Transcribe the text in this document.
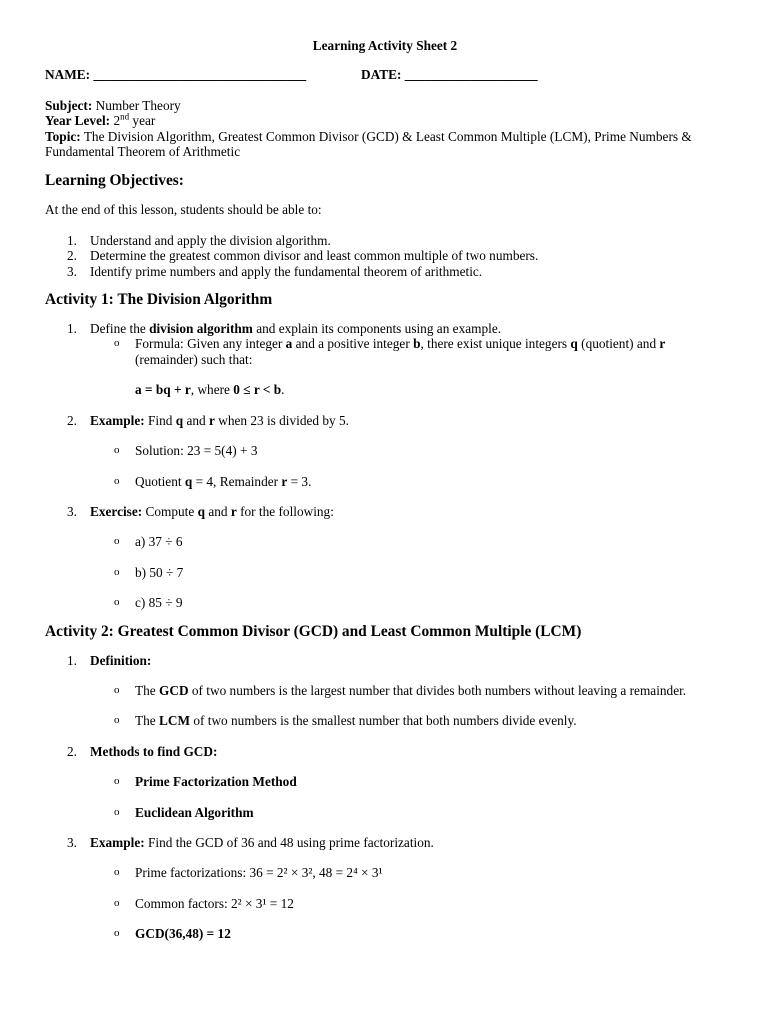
Learning Activity Sheet 2

NAME: ________________________________	DATE: ____________________
Subject: Number Theory
Year Level: 2nd year
Topic: The Division Algorithm, Greatest Common Divisor (GCD) & Least Common Multiple (LCM), Prime Numbers & Fundamental Theorem of Arithmetic
Learning Objectives:

At the end of this lesson, students should be able to:

1. Understand and apply the division algorithm.
2. Determine the greatest common divisor and least common multiple of two numbers.
3. Identify prime numbers and apply the fundamental theorem of arithmetic.
Activity 1: The Division Algorithm
1. Define the division algorithm and explain its components using an example.
o Formula: Given any integer a and a positive integer b, there exist unique integers q (quotient) and r (remainder) such that:
a = bq + r, where 0 ≤ r < b.
2. Example: Find q and r when 23 is divided by 5.
o Solution: 23 = 5(4) + 3
o Quotient q = 4, Remainder r = 3.
3. Exercise: Compute q and r for the following:
o a) 37 ÷ 6
o b) 50 ÷ 7
o c) 85 ÷ 9
Activity 2: Greatest Common Divisor (GCD) and Least Common Multiple (LCM)
1. Definition:
o The GCD of two numbers is the largest number that divides both numbers without leaving a remainder.
o The LCM of two numbers is the smallest number that both numbers divide evenly.
2. Methods to find GCD:
o Prime Factorization Method
o Euclidean Algorithm
3. Example: Find the GCD of 36 and 48 using prime factorization.
o Prime factorizations: 36 = 2² × 3², 48 = 2⁴ × 3¹
o Common factors: 2² × 3¹ = 12
o GCD(36,48) = 12
